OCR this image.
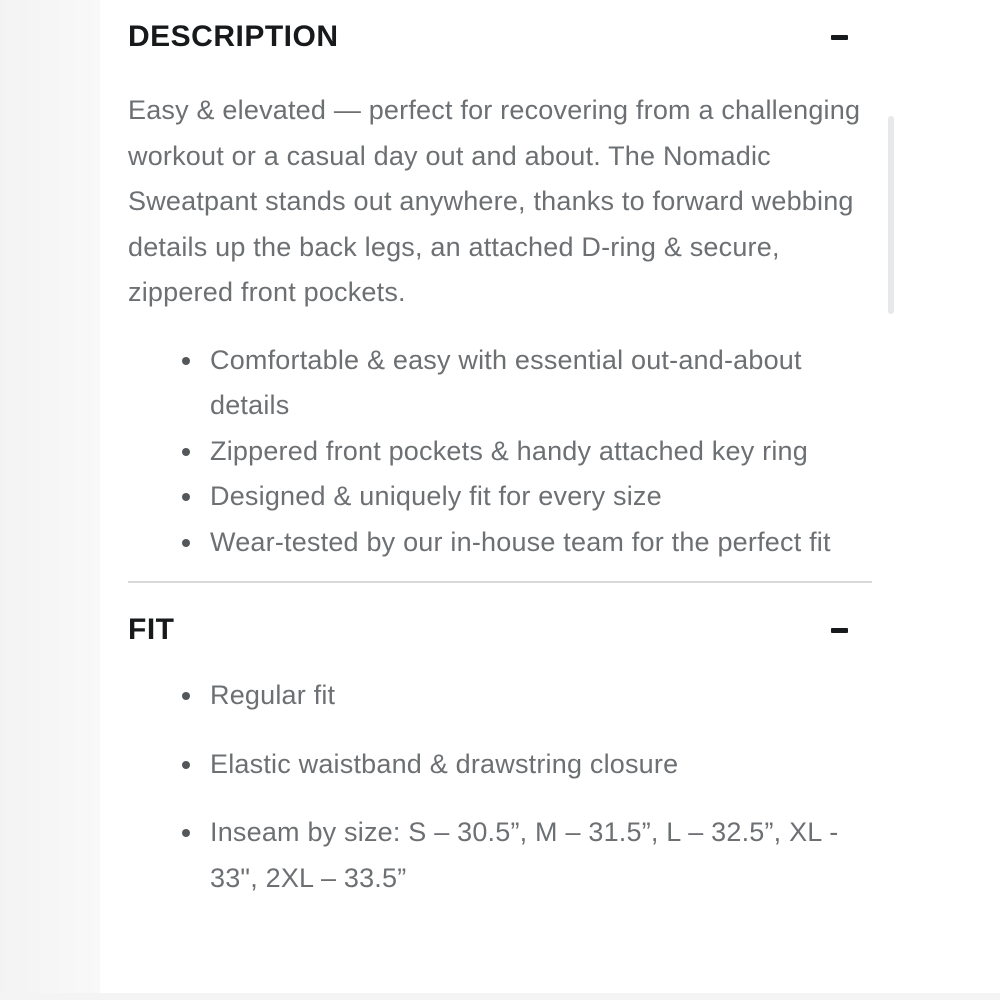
DESCRIPTION

Easy & elevated — perfect for recovering from a challenging workout or a casual day out and about. The Nomadic Sweatpant stands out anywhere, thanks to forward webbing details up the back legs, an attached D-ring & secure, zippered front pockets.

Comfortable & easy with essential out-and-about details
Zippered front pockets & handy attached key ring
Designed & uniquely fit for every size
Wear-tested by our in-house team for the perfect fit
FIT
Regular fit
Elastic waistband & drawstring closure
Inseam by size: S – 30.5”, M – 31.5”, L – 32.5”, XL - 33", 2XL – 33.5”
